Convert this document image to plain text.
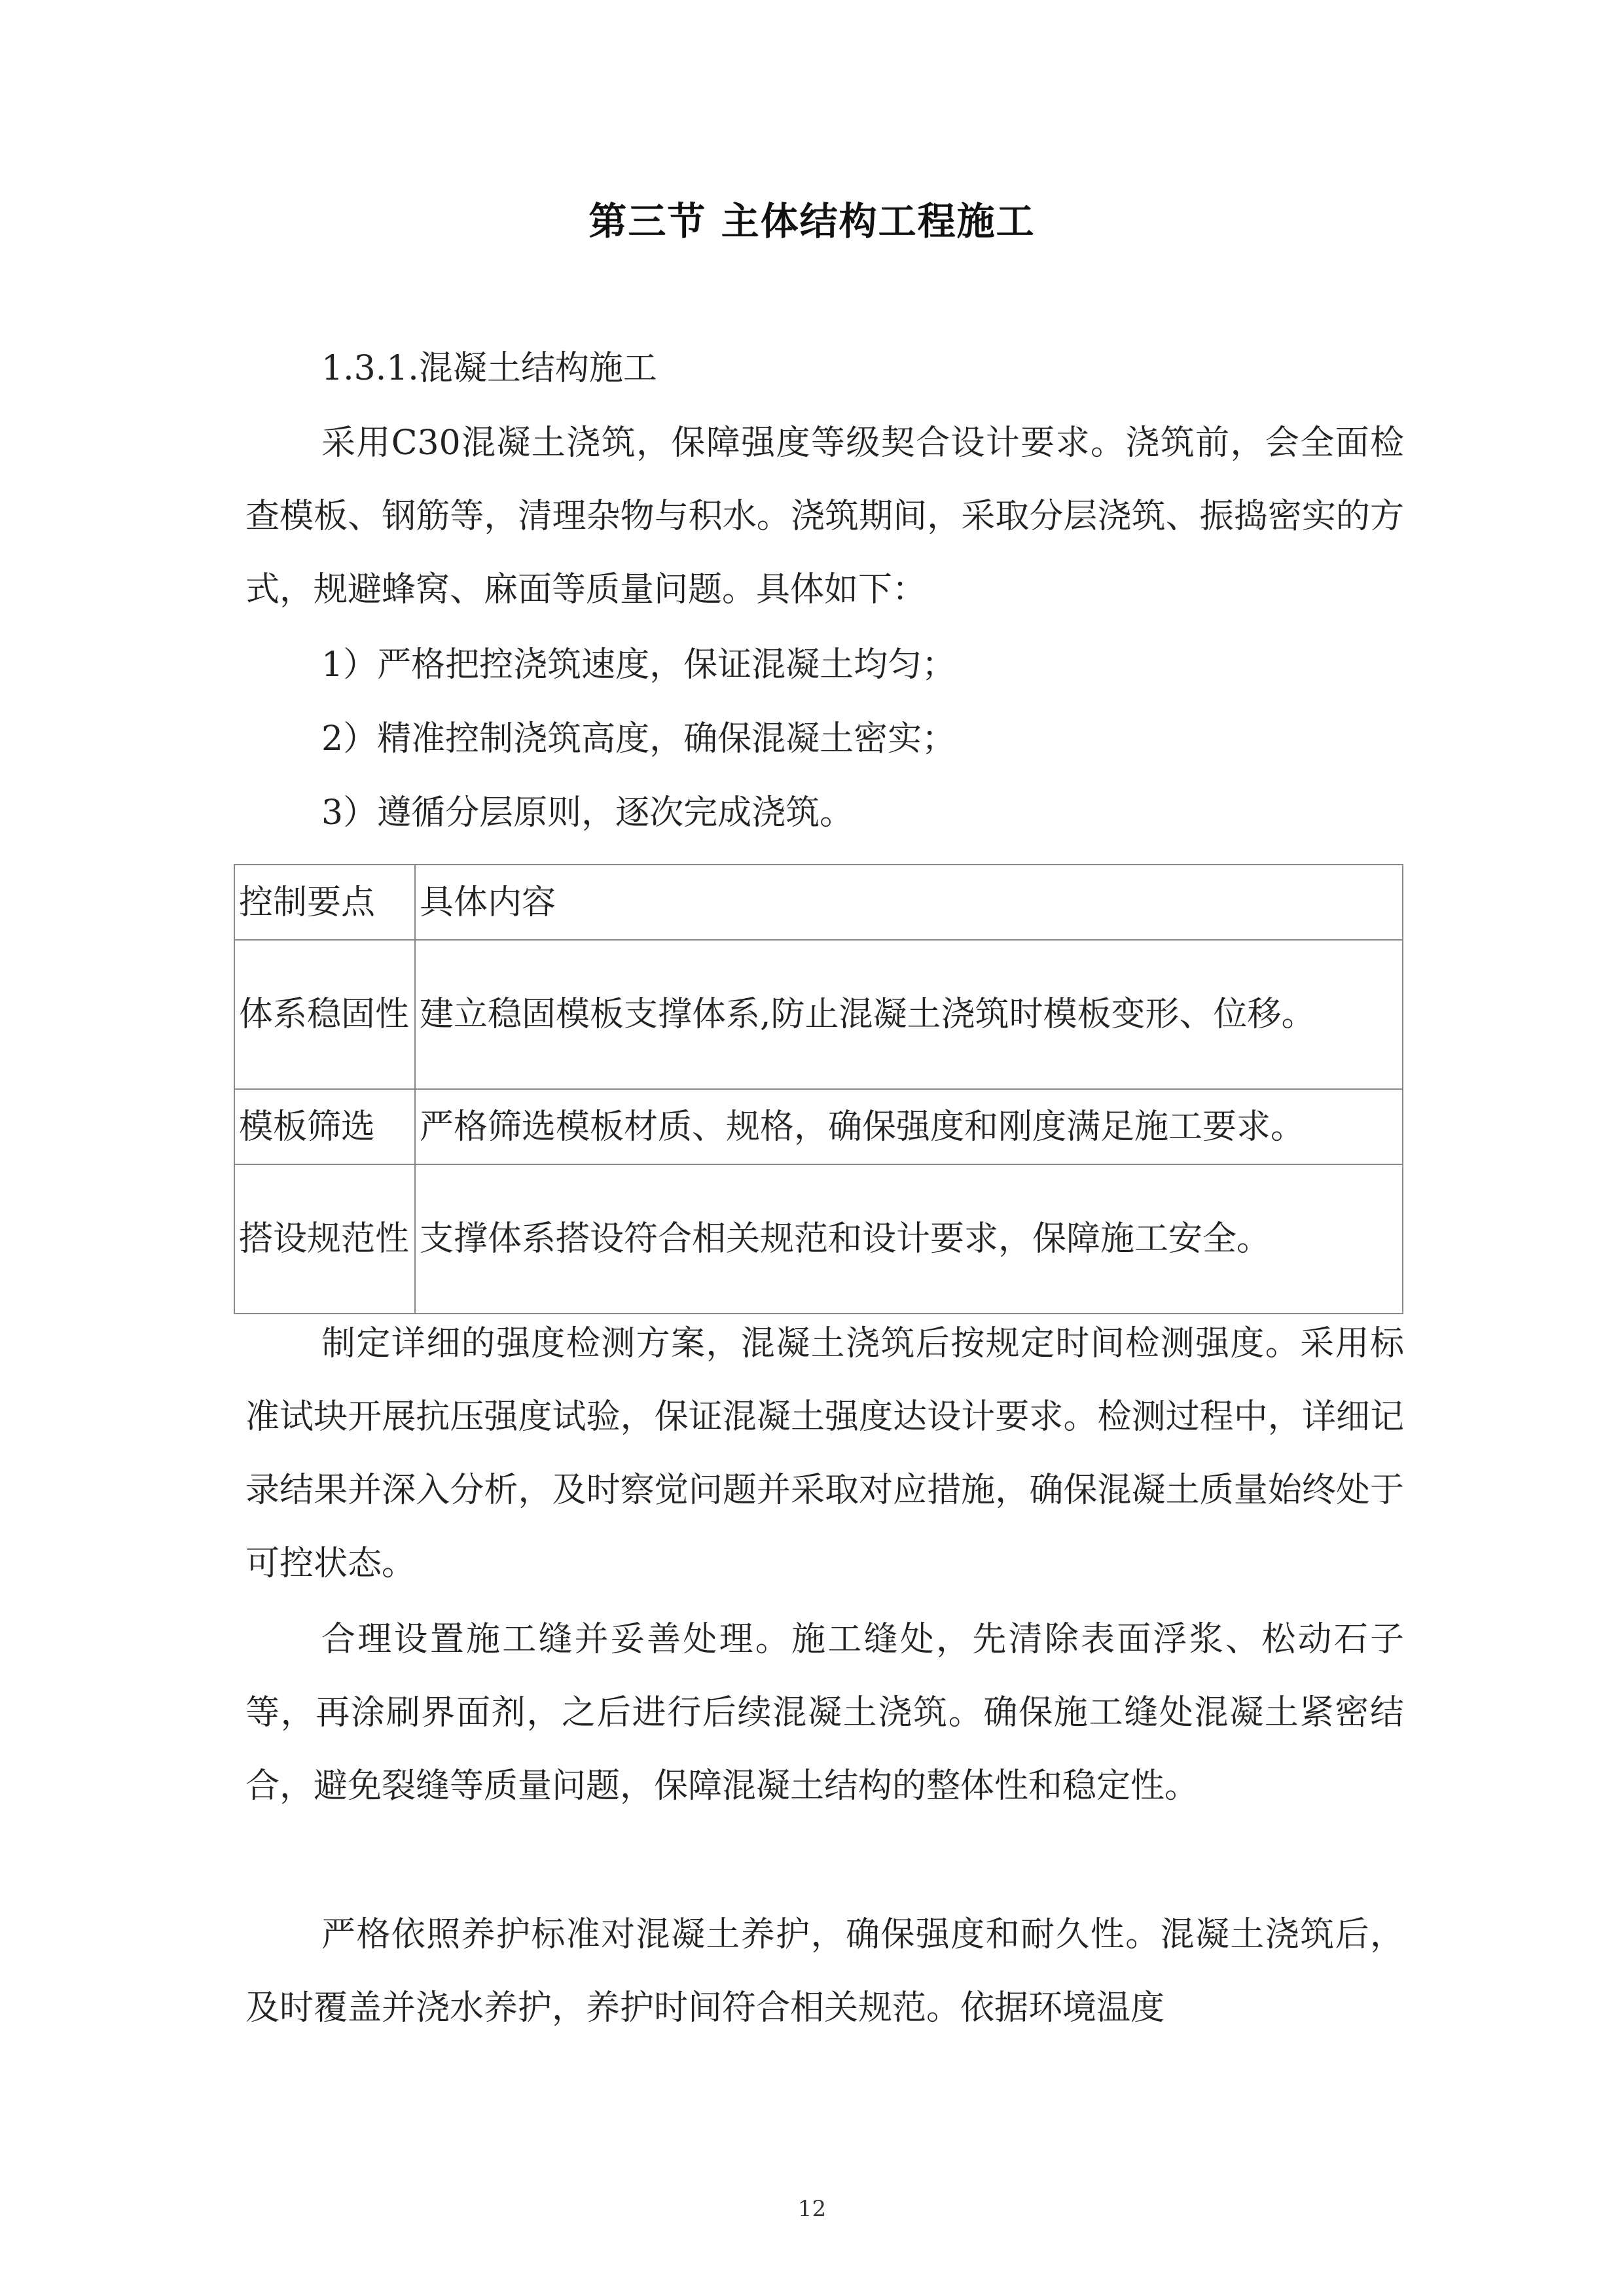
第三节 主体结构工程施工
1.3.1.混凝土结构施工

采用C30混凝土浇筑，保障强度等级契合设计要求。浇筑前，会全面检查模板、钢筋等，清理杂物与积水。浇筑期间，采取分层浇筑、振捣密实的方式，规避蜂窝、麻面等质量问题。具体如下：

1）严格把控浇筑速度，保证混凝土均匀；
2）精准控制浇筑高度，确保混凝土密实；
3）遵循分层原则，逐次完成浇筑。
控制要点	具体内容
体系稳固性	建立稳固模板支撑体系,防止混凝土浇筑时模板变形、位移。
模板筛选	严格筛选模板材质、规格，确保强度和刚度满足施工要求。
搭设规范性	支撑体系搭设符合相关规范和设计要求，保障施工安全。

制定详细的强度检测方案，混凝土浇筑后按规定时间检测强度。采用标准试块开展抗压强度试验，保证混凝土强度达设计要求。检测过程中，详细记录结果并深入分析，及时察觉问题并采取对应措施，确保混凝土质量始终处于可控状态。

合理设置施工缝并妥善处理。施工缝处，先清除表面浮浆、松动石子等，再涂刷界面剂，之后进行后续混凝土浇筑。确保施工缝处混凝土紧密结合，避免裂缝等质量问题，保障混凝土结构的整体性和稳定性。

严格依照养护标准对混凝土养护，确保强度和耐久性。混凝土浇筑后，及时覆盖并浇水养护，养护时间符合相关规范。依据环境温度

12
